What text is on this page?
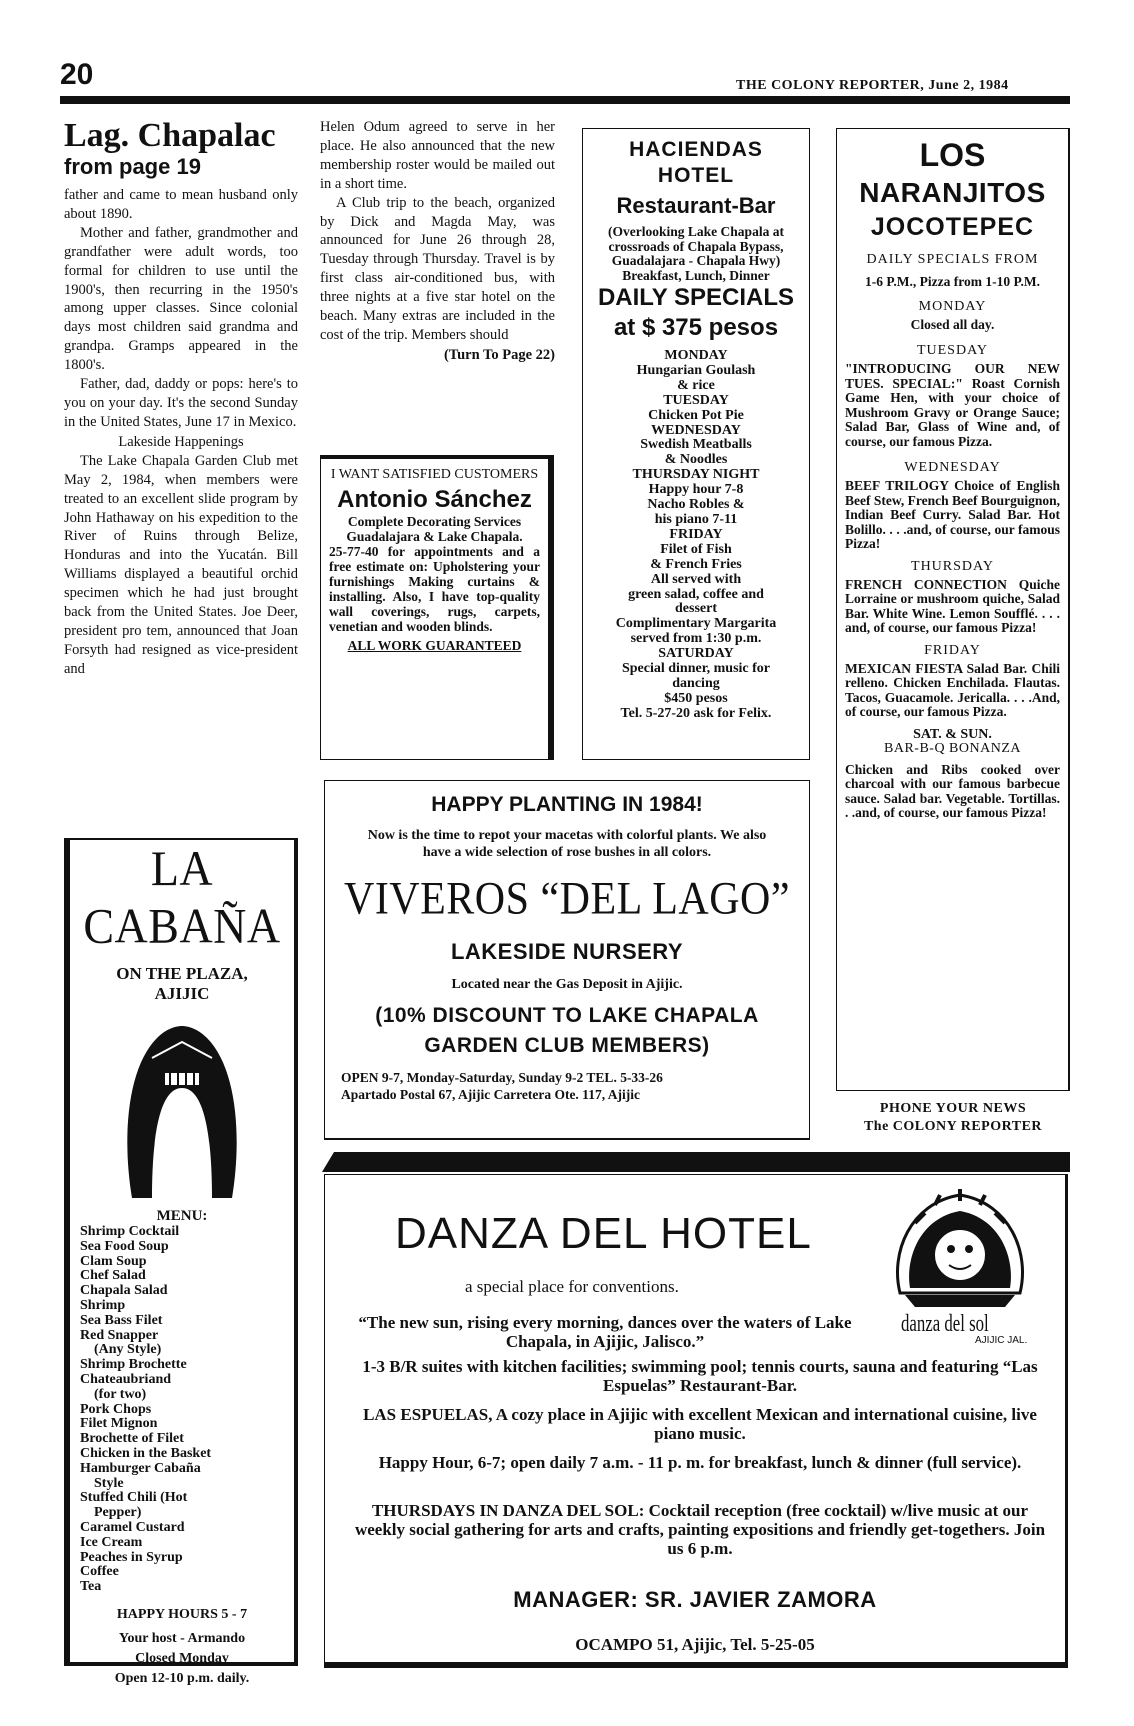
20	THE COLONY REPORTER, June 2, 1984
Lag. Chapalac
from page 19

father and came to mean husband only about 1890.

Mother and father, grandmother and grandfather were adult words, too formal for children to use until the 1900's, then recurring in the 1950's among upper classes. Since colonial days most children said grandma and grandpa. Gramps appeared in the 1800's.

Father, dad, daddy or pops: here's to you on your day. It's the second Sunday in the United States, June 17 in Mexico.

Lakeside Happenings

The Lake Chapala Garden Club met May 2, 1984, when members were treated to an excellent slide program by John Hathaway on his expedition to the River of Ruins through Belize, Honduras and into the Yucatán. Bill Williams displayed a beautiful orchid specimen which he had just brought back from the United States. Joe Deer, president pro tem, announced that Joan Forsyth had resigned as vice-president and

Helen Odum agreed to serve in her place. He also announced that the new membership roster would be mailed out in a short time.

A Club trip to the beach, organized by Dick and Magda May, was announced for June 26 through 28, Tuesday through Thursday. Travel is by first class air-conditioned bus, with three nights at a five star hotel on the beach. Many extras are included in the cost of the trip. Members should

(Turn To Page 22)
I WANT SATISFIED CUSTOMERS
Antonio Sánchez
Complete Decorating Services
Guadalajara & Lake Chapala.
25-77-40 for appointments and a free estimate on: Upholstering your furnishings Making curtains & installing. Also, I have top-quality wall coverings, rugs, carpets, venetian and wooden blinds.
ALL WORK GUARANTEED
HACIENDAS
HOTEL
Restaurant-Bar
(Overlooking Lake Chapala at crossroads of Chapala Bypass, Guadalajara - Chapala Hwy)
Breakfast, Lunch, Dinner
DAILY SPECIALS
at $ 375 pesos
MONDAY
Hungarian Goulash
& rice
TUESDAY
Chicken Pot Pie
WEDNESDAY
Swedish Meatballs
& Noodles
THURSDAY NIGHT
Happy hour 7-8
Nacho Robles &
his piano 7-11
FRIDAY
Filet of Fish
& French Fries
All served with
green salad, coffee and
dessert
Complimentary Margarita
served from 1:30 p.m.
SATURDAY
Special dinner, music for
dancing
$450 pesos
Tel. 5-27-20 ask for Felix.
LOS
NARANJITOS
JOCOTEPEC
DAILY SPECIALS FROM
1-6 P.M., Pizza from 1-10 P.M.
MONDAY
Closed all day.
TUESDAY
"INTRODUCING OUR NEW TUES. SPECIAL:" Roast Cornish Game Hen, with your choice of Mushroom Gravy or Orange Sauce; Salad Bar, Glass of Wine and, of course, our famous Pizza.
WEDNESDAY
BEEF TRILOGY Choice of English Beef Stew, French Beef Bourguignon, Indian Beef Curry. Salad Bar. Hot Bolillo. . . .and, of course, our famous Pizza!
THURSDAY
FRENCH CONNECTION Quiche Lorraine or mushroom quiche, Salad Bar. White Wine. Lemon Soufflé. . . . and, of course, our famous Pizza!
FRIDAY
MEXICAN FIESTA Salad Bar. Chili relleno. Chicken Enchilada. Flautas. Tacos, Guacamole. Jericalla. . . .And, of course, our famous Pizza.
SAT. & SUN.
BAR-B-Q BONANZA
Chicken and Ribs cooked over charcoal with our famous barbecue sauce. Salad bar. Vegetable. Tortillas. . .and, of course, our famous Pizza!
PHONE YOUR NEWS
The COLONY REPORTER
LA CABAÑA
ON THE PLAZA, AJIJIC
MENU:
Shrimp Cocktail
Sea Food Soup
Clam Soup
Chef Salad
Chapala Salad
Shrimp
Sea Bass Filet
Red Snapper
(Any Style)
Shrimp Brochette
Chateaubriand
(for two)
Pork Chops
Filet Mignon
Brochette of Filet
Chicken in the Basket
Hamburger Cabaña
Style
Stuffed Chili (Hot
Pepper)
Caramel Custard
Ice Cream
Peaches in Syrup
Coffee
Tea
HAPPY HOURS 5 - 7
Your host - Armando
Closed Monday
Open 12-10 p.m. daily.
HAPPY PLANTING IN 1984!
Now is the time to repot your macetas with colorful plants. We also have a wide selection of rose bushes in all colors.
VIVEROS “DEL LAGO”
LAKESIDE NURSERY
Located near the Gas Deposit in Ajijic.
(10% DISCOUNT TO LAKE CHAPALA
GARDEN CLUB MEMBERS)
OPEN 9-7, Monday-Saturday, Sunday 9-2 TEL. 5-33-26
Apartado Postal 67, Ajijic Carretera Ote. 117, Ajijic
DANZA DEL HOTEL
a special place for conventions.
“The new sun, rising every morning, dances over the waters of Lake Chapala, in Ajijic, Jalisco.”
danza del sol
AJIJIC JAL.
1-3 B/R suites with kitchen facilities; swimming pool; tennis courts, sauna and featuring “Las Espuelas” Restaurant-Bar.
LAS ESPUELAS, A cozy place in Ajijic with excellent Mexican and international cuisine, live piano music.
Happy Hour, 6-7; open daily 7 a.m. - 11 p. m. for breakfast, lunch & dinner (full service).
THURSDAYS IN DANZA DEL SOL: Cocktail reception (free cocktail) w/live music at our weekly social gathering for arts and crafts, painting expositions and friendly get-togethers. Join us 6 p.m.
MANAGER: SR. JAVIER ZAMORA
OCAMPO 51, Ajijic, Tel. 5-25-05
